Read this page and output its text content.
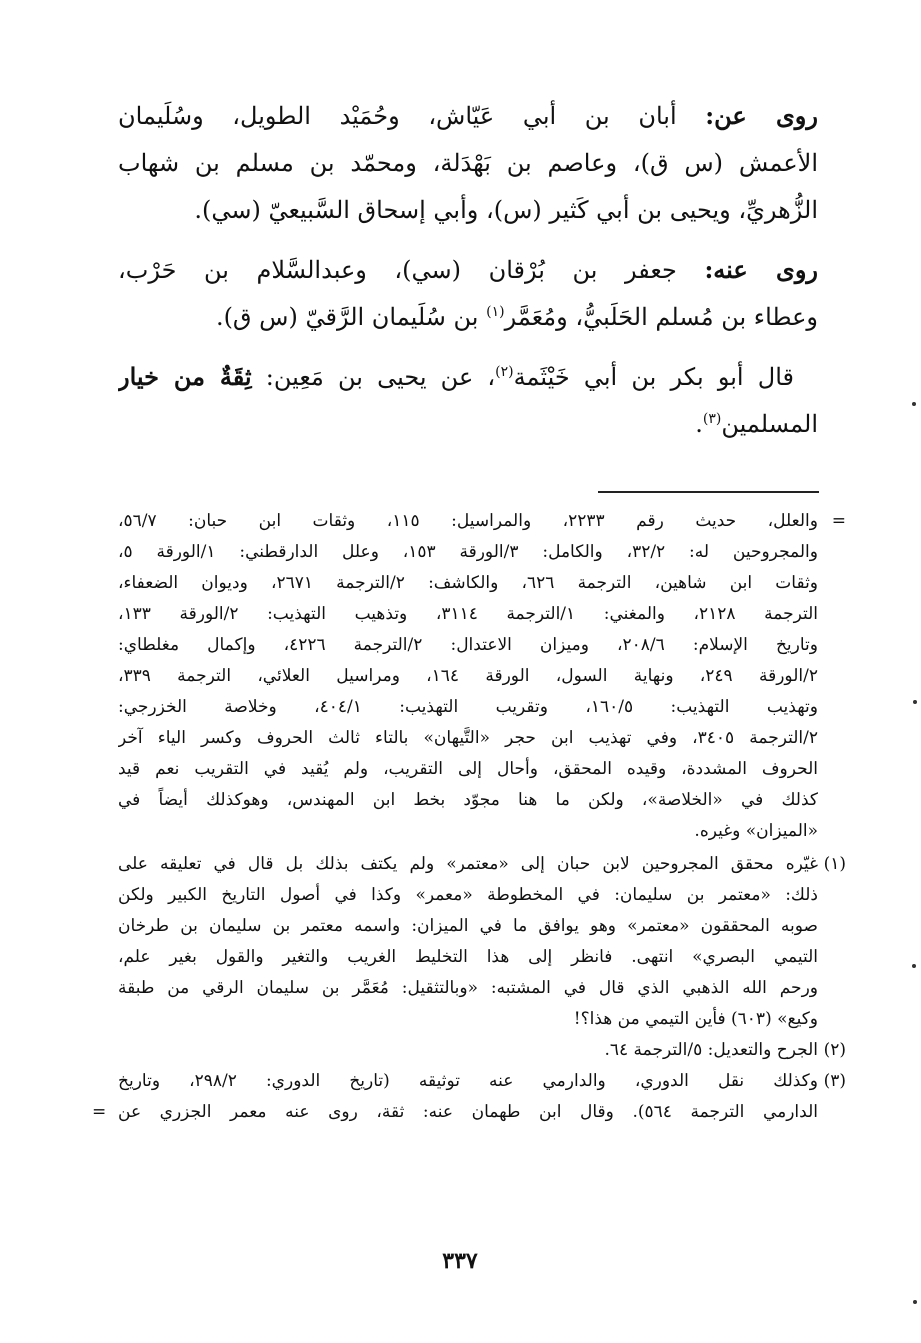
روى عن: أبان بن أبي عَيّاش، وحُمَيْد الطويل، وسُلَيمان
الأعمش (س ق)، وعاصم بن بَهْدَلة، ومحمّد بن مسلم بن شهاب
الزُّهريِّ، ويحيى بن أبي كَثير (س)، وأبي إسحاق السَّبيعيّ (سي).

روى عنه: جعفر بن بُرْقان (سي)، وعبدالسَّلام بن حَرْب،
وعطاء بن مُسلم الحَلَبيُّ، ومُعَمَّر$^{(١)}$ بن سُلَيمان الرَّقيّ (س ق).

 قال أبو بكر بن أبي خَيْثَمة$^{(٢)}$، عن يحيى بن مَعِين: ثِقَةٌ من خيار
المسلمين$^{(٣)}$.

=
والعلل، حديث رقم ٢٢٣٣، والمراسيل: ١١٥، وثقات ابن حبان: ٥٦/٧،
والمجروحين له: ٣٢/٢، والكامل: ٣/الورقة ١٥٣، وعلل الدارقطني: ١/الورقة ٥،
وثقات ابن شاهين، الترجمة ٦٢٦، والكاشف: ٢/الترجمة ٢٦٧١، وديوان الضعفاء،
الترجمة ٢١٢٨، والمغني: ١/الترجمة ٣١١٤، وتذهيب التهذيب: ٢/الورقة ١٣٣،
وتاريخ الإسلام: ٢٠٨/٦، وميزان الاعتدال: ٢/الترجمة ٤٢٢٦، وإكمال مغلطاي:
٢/الورقة ٢٤٩، ونهاية السول، الورقة ١٦٤، ومراسيل العلائي، الترجمة ٣٣٩،
وتهذيب التهذيب: ١٦٠/٥، وتقريب التهذيب: ٤٠٤/١، وخلاصة الخزرجي:
٢/الترجمة ٣٤٠٥، وفي تهذيب ابن حجر «التَّيهان» بالتاء ثالث الحروف وكسر الياء آخر
الحروف المشددة، وقيده المحقق، وأحال إلى التقريب، ولم يُقيد في التقريب نعم قيد
كذلك في «الخلاصة»، ولكن ما هنا مجوّد بخط ابن المهندس، وهوكذلك أيضاً في
«الميزان» وغيره.
(١)
غيّره محقق المجروحين لابن حبان إلى «معتمر» ولم يكتف بذلك بل قال في تعليقه على
ذلك: «معتمر بن سليمان: في المخطوطة «معمر» وكذا في أصول التاريخ الكبير ولكن
صوبه المحققون «معتمر» وهو يوافق ما في الميزان: واسمه معتمر بن سليمان بن طرخان
التيمي البصري» انتهى. فانظر إلى هذا التخليط الغريب والتغير والقول بغير علم،
ورحم الله الذهبي الذي قال في المشتبه: «وبالتثقيل: مُعَمَّر بن سليمان الرقي من طبقة
وكيع» (٦٠٣) فأين التيمي من هذا؟!
(٢)
الجرح والتعديل: ٥/الترجمة ٦٤.
(٣)
وكذلك نقل الدوري، والدارمي عنه توثيقه (تاريخ الدوري: ٢٩٨/٢، وتاريخ
الدارمي الترجمة ٥٦٤). وقال ابن طهمان عنه: ثقة، روى عنه معمر الجزري عن
=
٣٣٧
